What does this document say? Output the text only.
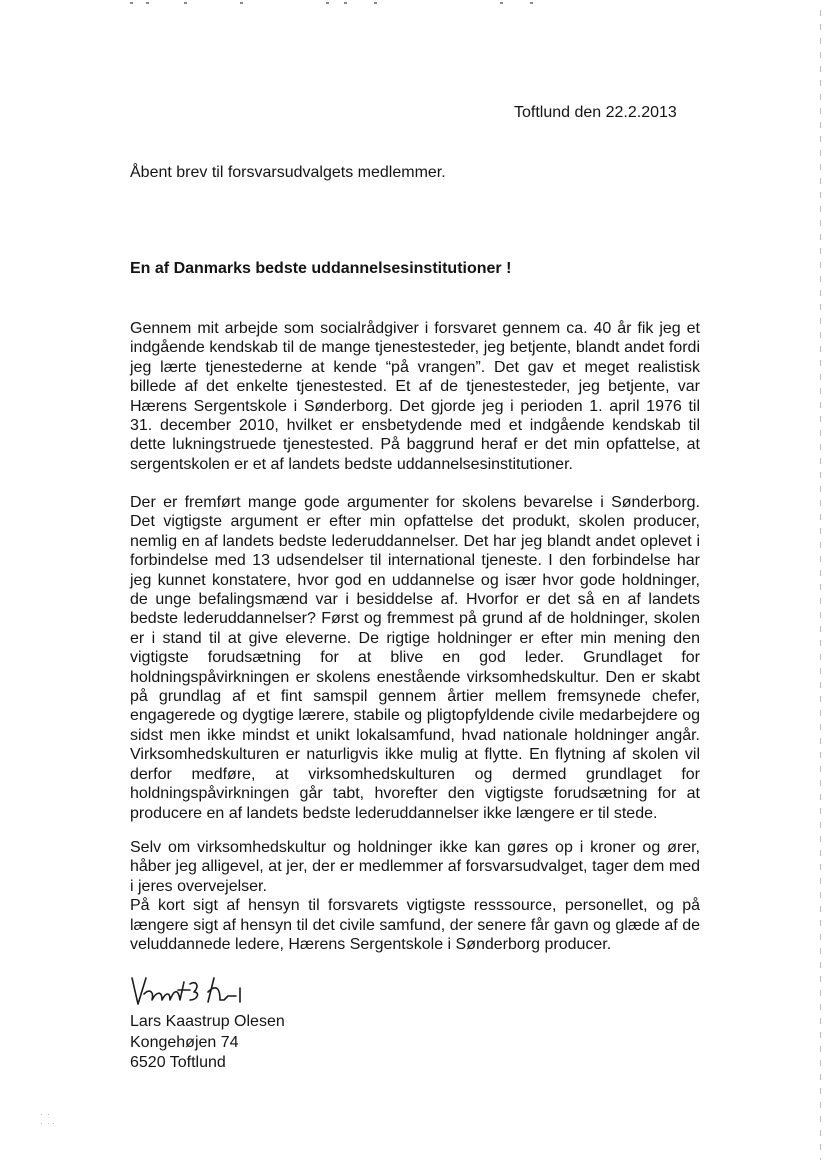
Toftlund den 22.2.2013
Åbent brev til forsvarsudvalgets medlemmer.
En af Danmarks bedste uddannelsesinstitutioner !
Gennem mit arbejde som socialrådgiver i forsvaret gennem ca. 40 år fik jeg et indgående kendskab til de mange tjenestesteder, jeg betjente, blandt andet fordi jeg lærte tjenestederne at kende “på vrangen”. Det gav et meget realistisk billede af det enkelte tjenestested. Et af de tjenestesteder, jeg betjente, var Hærens Sergentskole i Sønderborg. Det gjorde jeg i perioden 1. april 1976 til 31. december 2010, hvilket er ensbetydende med et indgående kendskab til dette lukningstruede tjenestested. På baggrund heraf er det min opfattelse, at sergentskolen er et af landets bedste uddannelsesinstitutioner.
Der er fremført mange gode argumenter for skolens bevarelse i Sønderborg. Det vigtigste argument er efter min opfattelse det produkt, skolen producer, nemlig en af landets bedste lederuddannelser. Det har jeg blandt andet oplevet i forbindelse med 13 udsendelser til international tjeneste. I den forbindelse har jeg kunnet konstatere, hvor god en uddannelse og især hvor gode holdninger, de unge befalingsmænd var i besiddelse af. Hvorfor er det så en af landets bedste lederuddannelser? Først og fremmest på grund af de holdninger, skolen er i stand til at give eleverne. De rigtige holdninger er efter min mening den vigtigste forudsætning for at blive en god leder. Grundlaget for holdningspåvirkningen er skolens enestående virksomhedskultur. Den er skabt på grundlag af et fint samspil gennem årtier mellem fremsynede chefer, engagerede og dygtige lærere, stabile og pligtopfyldende civile medarbejdere og sidst men ikke mindst et unikt lokalsamfund, hvad nationale holdninger angår. Virksomhedskulturen er naturligvis ikke mulig at flytte. En flytning af skolen vil derfor medføre, at virksomhedskulturen og dermed grundlaget for holdningspåvirkningen går tabt, hvorefter den vigtigste forudsætning for at producere en af landets bedste lederuddannelser ikke længere er til stede.
Selv om virksomhedskultur og holdninger ikke kan gøres op i kroner og ører, håber jeg alligevel, at jer, der er medlemmer af forsvarsudvalget, tager dem med i jeres overvejelser.
På kort sigt af hensyn til forsvarets vigtigste resssource, personellet, og på længere sigt af hensyn til det civile samfund, der senere får gavn og glæde af de veluddannede ledere, Hærens Sergentskole i Sønderborg producer.
Lars Kaastrup Olesen
Kongehøjen 74
6520 Toftlund
·  ·
·  · ·
